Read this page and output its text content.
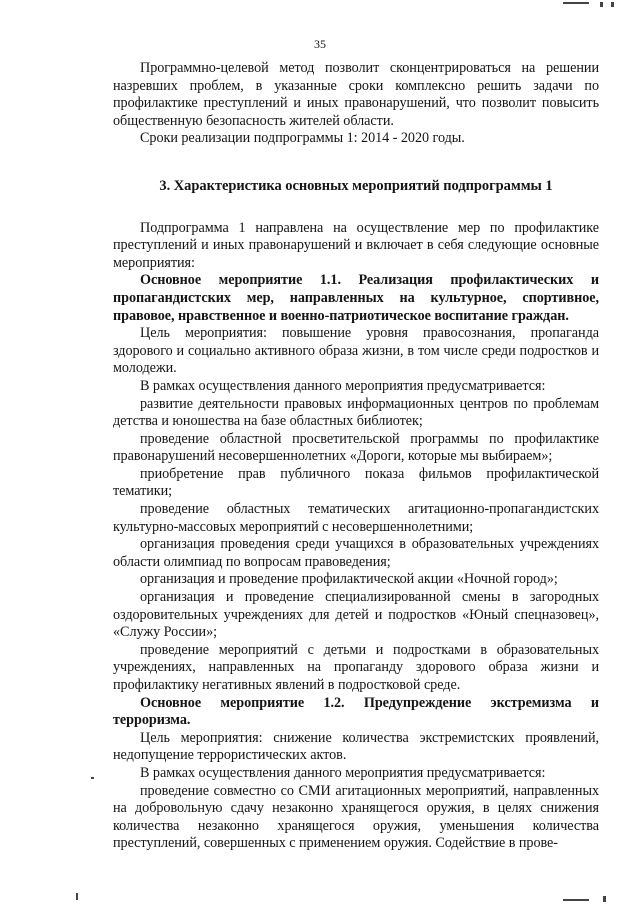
35

Программно-целевой метод позволит сконцентрироваться на решении назревших проблем, в указанные сроки комплексно решить задачи по профилактике преступлений и иных правонарушений, что позволит повысить общественную безопасность жителей области.

Сроки реализации подпрограммы 1: 2014 - 2020 годы.

3. Характеристика основных мероприятий подпрограммы 1

Подпрограмма 1 направлена на осуществление мер по профилактике преступлений и иных правонарушений и включает в себя следующие основные мероприятия:

Основное мероприятие 1.1. Реализация профилактических и пропагандистских мер, направленных на культурное, спортивное, правовое, нравственное и военно-патриотическое воспитание граждан.

Цель мероприятия: повышение уровня правосознания, пропаганда здорового и социально активного образа жизни, в том числе среди подростков и молодежи.

В рамках осуществления данного мероприятия предусматривается:

развитие деятельности правовых информационных центров по проблемам детства и юношества на базе областных библиотек;

проведение областной просветительской программы по профилактике правонарушений несовершеннолетних «Дороги, которые мы выбираем»;

приобретение прав публичного показа фильмов профилактической тематики;

проведение областных тематических агитационно-пропагандистских культурно-массовых мероприятий с несовершеннолетними;

организация проведения среди учащихся в образовательных учреждениях области олимпиад по вопросам правоведения;

организация и проведение профилактической акции «Ночной город»;

организация и проведение специализированной смены в загородных оздоровительных учреждениях для детей и подростков «Юный спецназовец», «Служу России»;

проведение мероприятий с детьми и подростками в образовательных учреждениях, направленных на пропаганду здорового образа жизни и профилактику негативных явлений в подростковой среде.

Основное мероприятие 1.2. Предупреждение экстремизма и терроризма.

Цель мероприятия: снижение количества экстремистских проявлений, недопущение террористических актов.

В рамках осуществления данного мероприятия предусматривается:

проведение совместно со СМИ агитационных мероприятий, направленных на добровольную сдачу незаконно хранящегося оружия, в целях снижения количества незаконно хранящегося оружия, уменьшения количества преступлений, совершенных с применением оружия. Содействие в прове-
